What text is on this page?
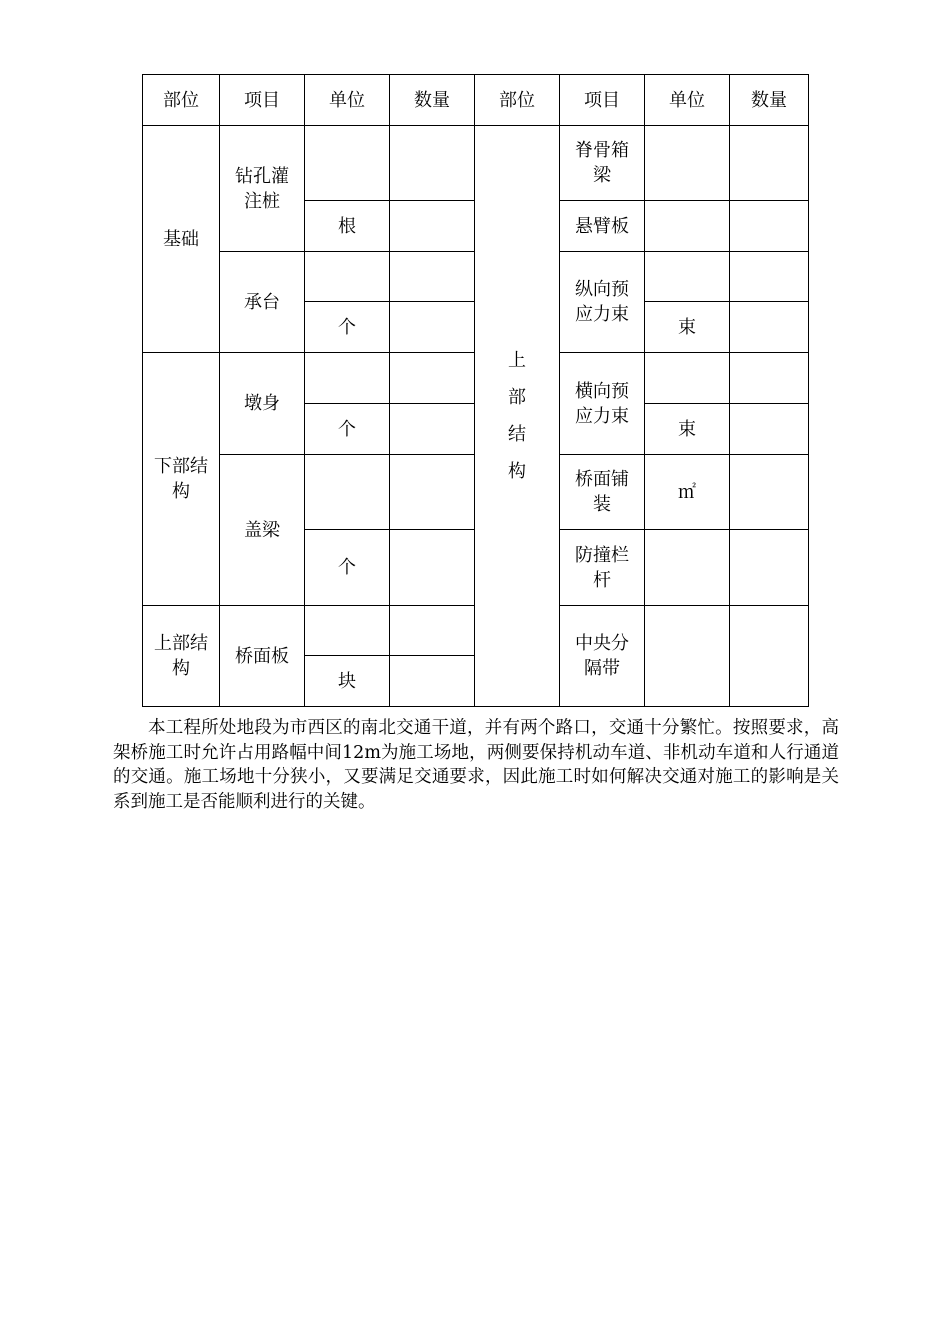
部位	项目	单位	数量	部位	项目	单位	数量
基础	钻孔灌注桩			上部结构	脊骨箱梁		
		根			悬臂板		
	承台				纵向预应力束		
		个				束	
下部结构	墩身				横向预应力束		
		个				束	
	盖梁				桥面铺装	㎡	
		个			防撞栏杆		
上部结构	桥面板				中央分隔带		
		块					

本工程所处地段为市西区的南北交通干道，并有两个路口，交通十分繁忙。按照要求，高架桥施工时允许占用路幅中间12m为施工场地，两侧要保持机动车道、非机动车道和人行通道的交通。施工场地十分狭小，又要满足交通要求，因此施工时如何解决交通对施工的影响是关系到施工是否能顺利进行的关键。
